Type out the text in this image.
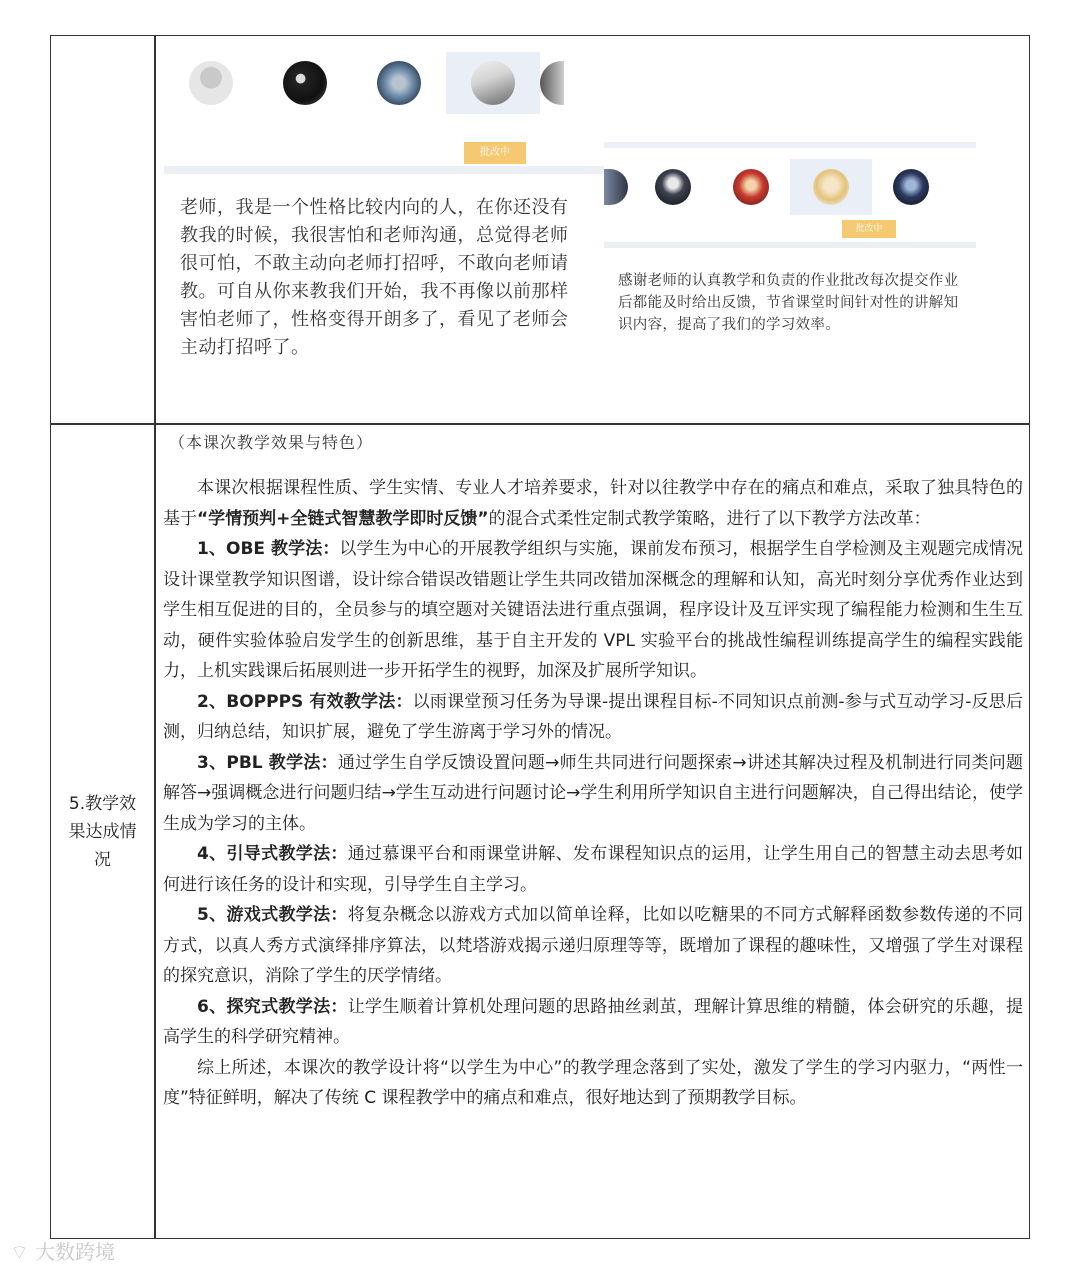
批改中
老师，我是一个性格比较内向的人，在你还没有教我的时候，我很害怕和老师沟通，总觉得老师很可怕，不敢主动向老师打招呼，不敢向老师请教。可自从你来教我们开始，我不再像以前那样害怕老师了，性格变得开朗多了，看见了老师会主动打招呼了。
批改中
感谢老师的认真教学和负责的作业批改每次提交作业后都能及时给出反馈，节省课堂时间针对性的讲解知识内容，提高了我们的学习效率。
5.教学效果达成情况
（本课次教学效果与特色）

本课次根据课程性质、学生实情、专业人才培养要求，针对以往教学中存在的痛点和难点，采取了独具特色的基于“学情预判+全链式智慧教学即时反馈”的混合式柔性定制式教学策略，进行了以下教学方法改革：

1、OBE 教学法：以学生为中心的开展教学组织与实施，课前发布预习，根据学生自学检测及主观题完成情况设计课堂教学知识图谱，设计综合错误改错题让学生共同改错加深概念的理解和认知，高光时刻分享优秀作业达到学生相互促进的目的，全员参与的填空题对关键语法进行重点强调，程序设计及互评实现了编程能力检测和生生互动，硬件实验体验启发学生的创新思维，基于自主开发的 VPL 实验平台的挑战性编程训练提高学生的编程实践能力，上机实践课后拓展则进一步开拓学生的视野，加深及扩展所学知识。

2、BOPPPS 有效教学法：以雨课堂预习任务为导课-提出课程目标-不同知识点前测-参与式互动学习-反思后测，归纳总结，知识扩展，避免了学生游离于学习外的情况。

3、PBL 教学法：通过学生自学反馈设置问题→师生共同进行问题探索→讲述其解决过程及机制进行同类问题解答→强调概念进行问题归结→学生互动进行问题讨论→学生利用所学知识自主进行问题解决，自己得出结论，使学生成为学习的主体。

4、引导式教学法：通过慕课平台和雨课堂讲解、发布课程知识点的运用，让学生用自己的智慧主动去思考如何进行该任务的设计和实现，引导学生自主学习。

5、游戏式教学法：将复杂概念以游戏方式加以简单诠释，比如以吃糖果的不同方式解释函数参数传递的不同方式，以真人秀方式演绎排序算法，以梵塔游戏揭示递归原理等等，既增加了课程的趣味性，又增强了学生对课程的探究意识，消除了学生的厌学情绪。

6、探究式教学法：让学生顺着计算机处理问题的思路抽丝剥茧，理解计算思维的精髓，体会研究的乐趣，提高学生的科学研究精神。

综上所述，本课次的教学设计将“以学生为中心”的教学理念落到了实处，激发了学生的学习内驱力，“两性一度”特征鲜明，解决了传统 C 课程教学中的痛点和难点，很好地达到了预期教学目标。

⌔ 大数跨境
